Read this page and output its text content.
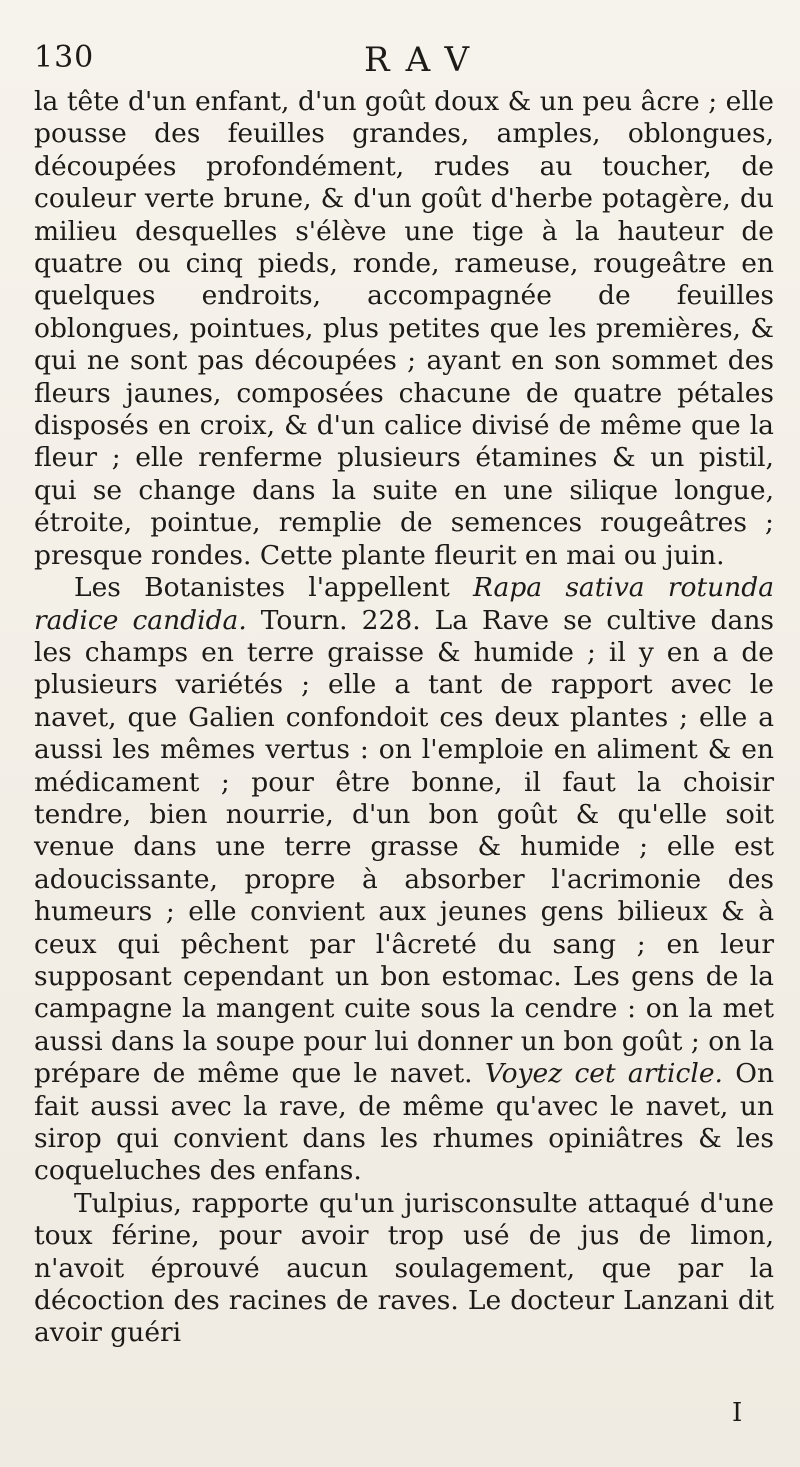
130	RAV

la tête d'un enfant, d'un goût doux & un peu âcre ; elle pousse des feuilles grandes, amples, oblongues, découpées profondément, rudes au toucher, de couleur verte brune, & d'un goût d'herbe potagère, du milieu desquelles s'élève une tige à la hauteur de quatre ou cinq pieds, ronde, rameuse, rougeâtre en quelques endroits, accompagnée de feuilles oblongues, pointues, plus petites que les premières, & qui ne sont pas découpées ; ayant en son sommet des fleurs jaunes, composées chacune de quatre pétales disposés en croix, & d'un calice divisé de même que la fleur ; elle renferme plusieurs étamines & un pistil, qui se change dans la suite en une silique longue, étroite, pointue, remplie de semences rougeâtres ; presque rondes. Cette plante fleurit en mai ou juin.

Les Botanistes l'appellent Rapa sativa rotunda radice candida. Tourn. 228. La Rave se cultive dans les champs en terre graisse & humide ; il y en a de plusieurs variétés ; elle a tant de rapport avec le navet, que Galien confondoit ces deux plantes ; elle a aussi les mêmes vertus : on l'emploie en aliment & en médicament ; pour être bonne, il faut la choisir tendre, bien nourrie, d'un bon goût & qu'elle soit venue dans une terre grasse & humide ; elle est adoucissante, propre à absorber l'acrimonie des humeurs ; elle convient aux jeunes gens bilieux & à ceux qui pêchent par l'âcreté du sang ; en leur supposant cependant un bon estomac. Les gens de la campagne la mangent cuite sous la cendre : on la met aussi dans la soupe pour lui donner un bon goût ; on la prépare de même que le navet. Voyez cet article. On fait aussi avec la rave, de même qu'avec le navet, un sirop qui convient dans les rhumes opiniâtres & les coqueluches des enfans.

Tulpius, rapporte qu'un jurisconsulte attaqué d'une toux férine, pour avoir trop usé de jus de limon, n'avoit éprouvé aucun soulagement, que par la décoction des racines de raves. Le docteur Lanzani dit avoir guéri

I
